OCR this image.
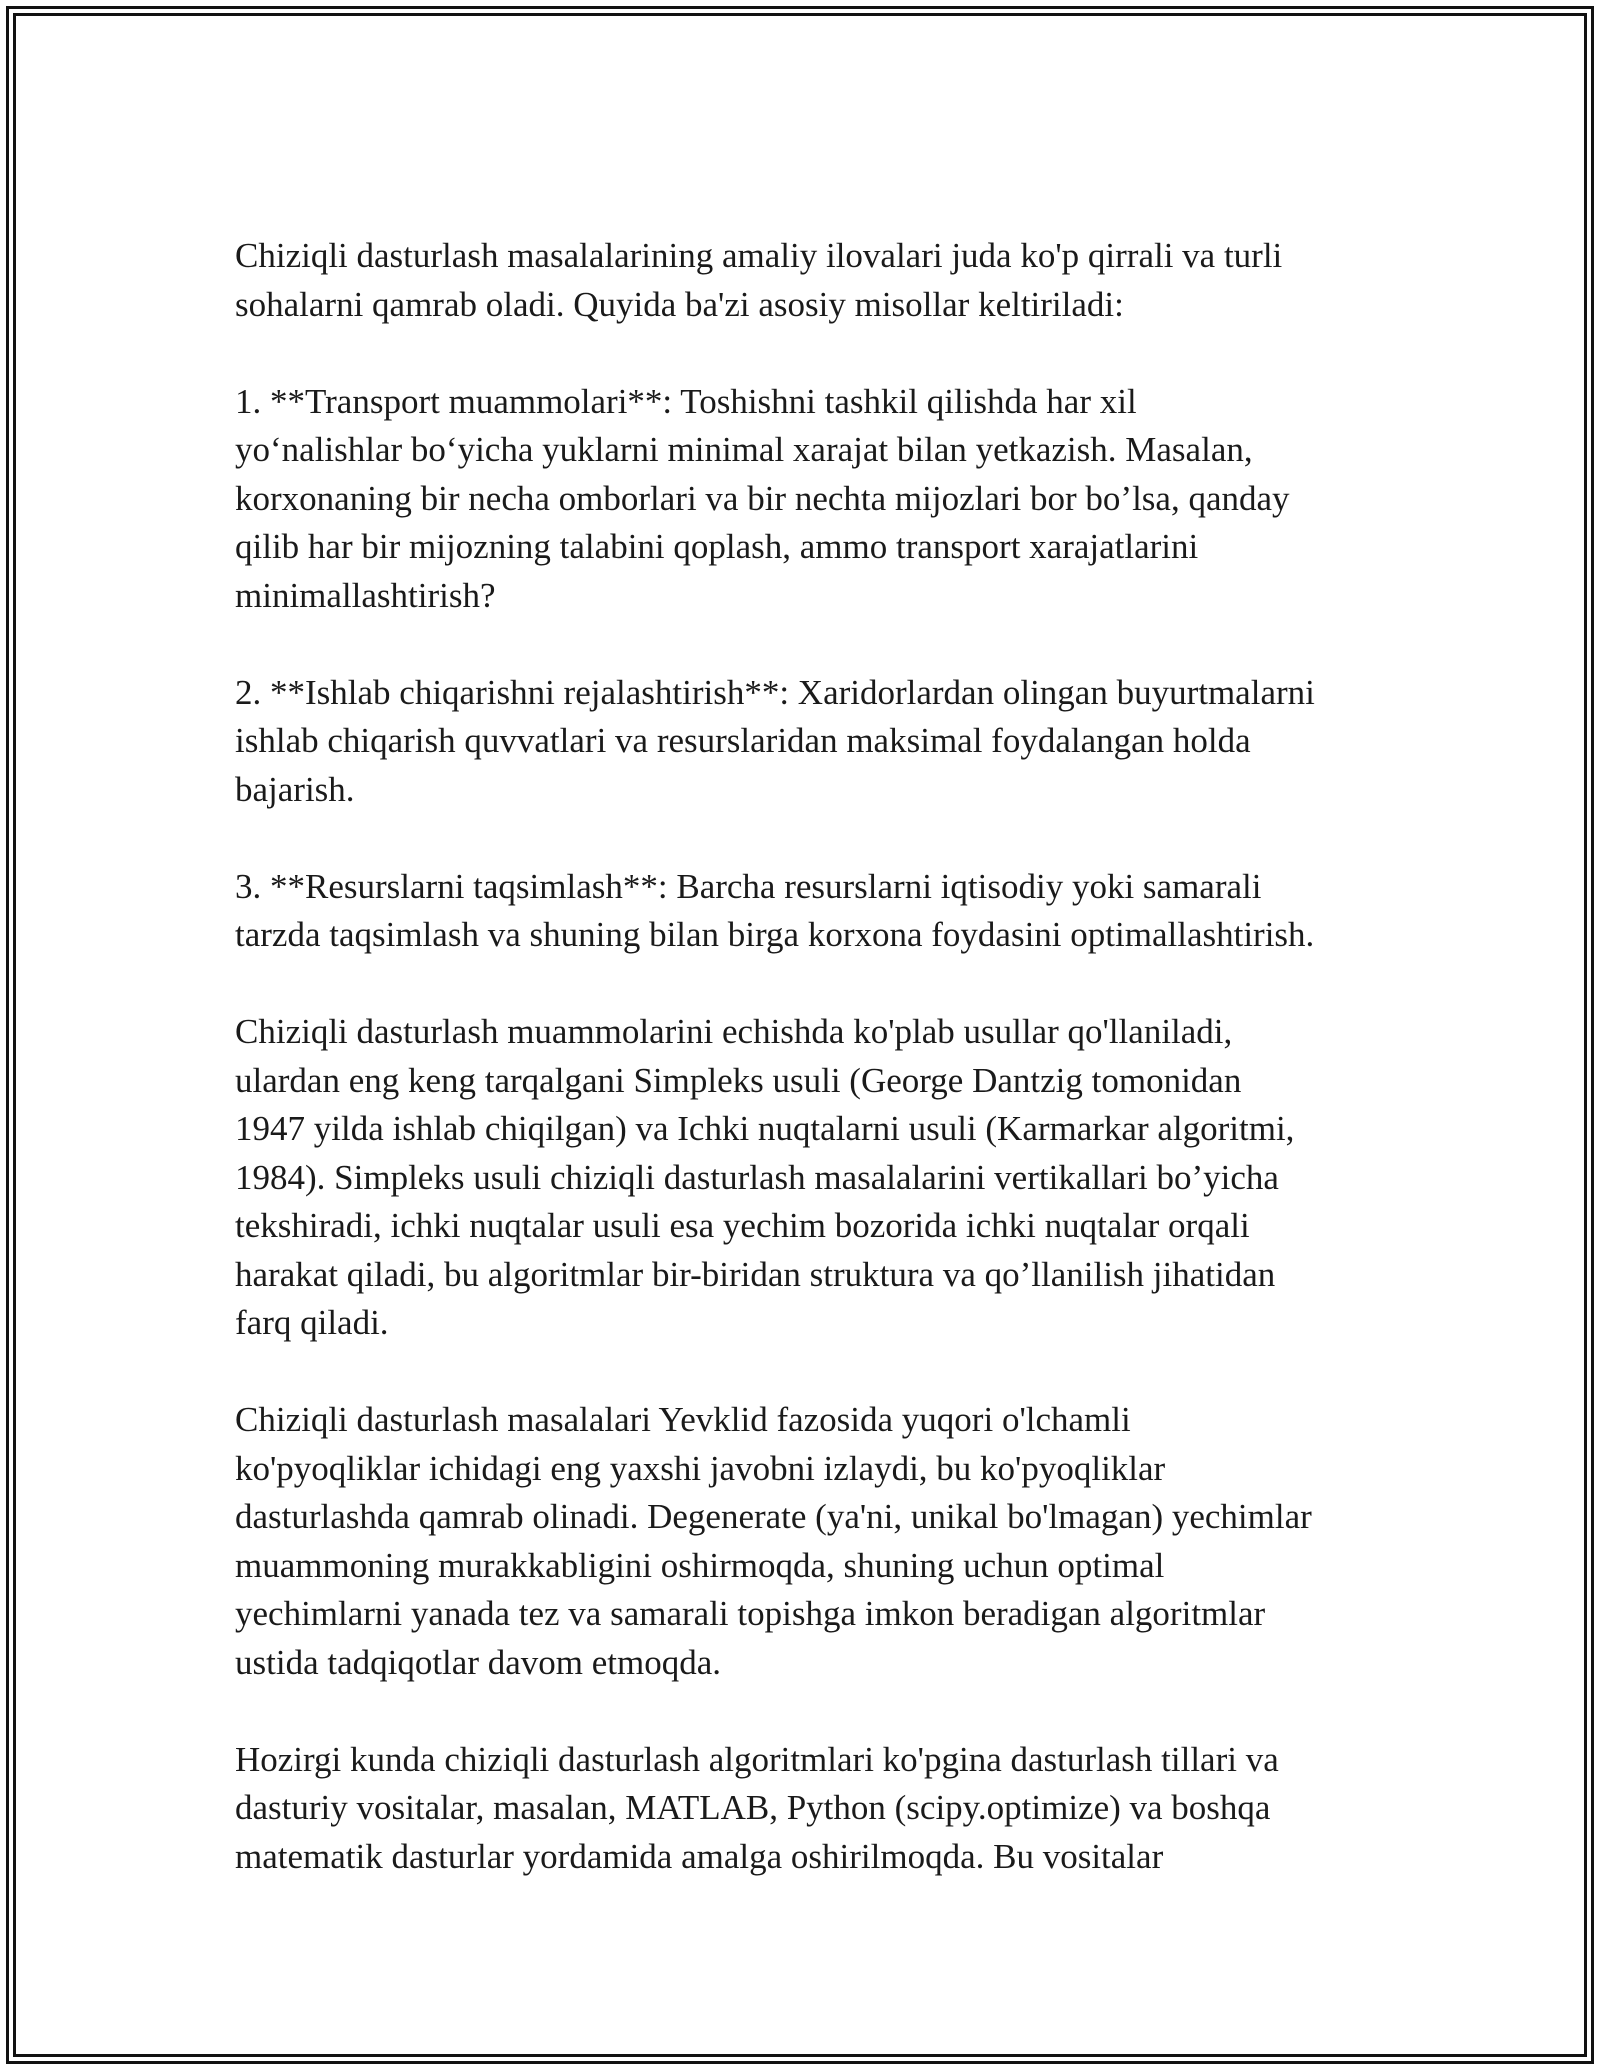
Chiziqli dasturlash masalalarining amaliy ilovalari juda ko'p qirrali va turli
sohalarni qamrab oladi. Quyida ba'zi asosiy misollar keltiriladi:

1. **Transport muammolari**: Toshishni tashkil qilishda har xil
yo‘nalishlar bo‘yicha yuklarni minimal xarajat bilan yetkazish. Masalan,
korxonaning bir necha omborlari va bir nechta mijozlari bor bo’lsa, qanday
qilib har bir mijozning talabini qoplash, ammo transport xarajatlarini
minimallashtirish?

2. **Ishlab chiqarishni rejalashtirish**: Xaridorlardan olingan buyurtmalarni
ishlab chiqarish quvvatlari va resurslaridan maksimal foydalangan holda
bajarish.

3. **Resurslarni taqsimlash**: Barcha resurslarni iqtisodiy yoki samarali
tarzda taqsimlash va shuning bilan birga korxona foydasini optimallashtirish.

Chiziqli dasturlash muammolarini echishda ko'plab usullar qo'llaniladi,
ulardan eng keng tarqalgani Simpleks usuli (George Dantzig tomonidan
1947 yilda ishlab chiqilgan) va Ichki nuqtalarni usuli (Karmarkar algoritmi,
1984). Simpleks usuli chiziqli dasturlash masalalarini vertikallari bo’yicha
tekshiradi, ichki nuqtalar usuli esa yechim bozorida ichki nuqtalar orqali
harakat qiladi, bu algoritmlar bir-biridan struktura va qo’llanilish jihatidan
farq qiladi.

Chiziqli dasturlash masalalari Yevklid fazosida yuqori o'lchamli
ko'pyoqliklar ichidagi eng yaxshi javobni izlaydi, bu ko'pyoqliklar
dasturlashda qamrab olinadi. Degenerate (ya'ni, unikal bo'lmagan) yechimlar
muammoning murakkabligini oshirmoqda, shuning uchun optimal
yechimlarni yanada tez va samarali topishga imkon beradigan algoritmlar
ustida tadqiqotlar davom etmoqda.

Hozirgi kunda chiziqli dasturlash algoritmlari ko'pgina dasturlash tillari va
dasturiy vositalar, masalan, MATLAB, Python (scipy.optimize) va boshqa
matematik dasturlar yordamida amalga oshirilmoqda. Bu vositalar
